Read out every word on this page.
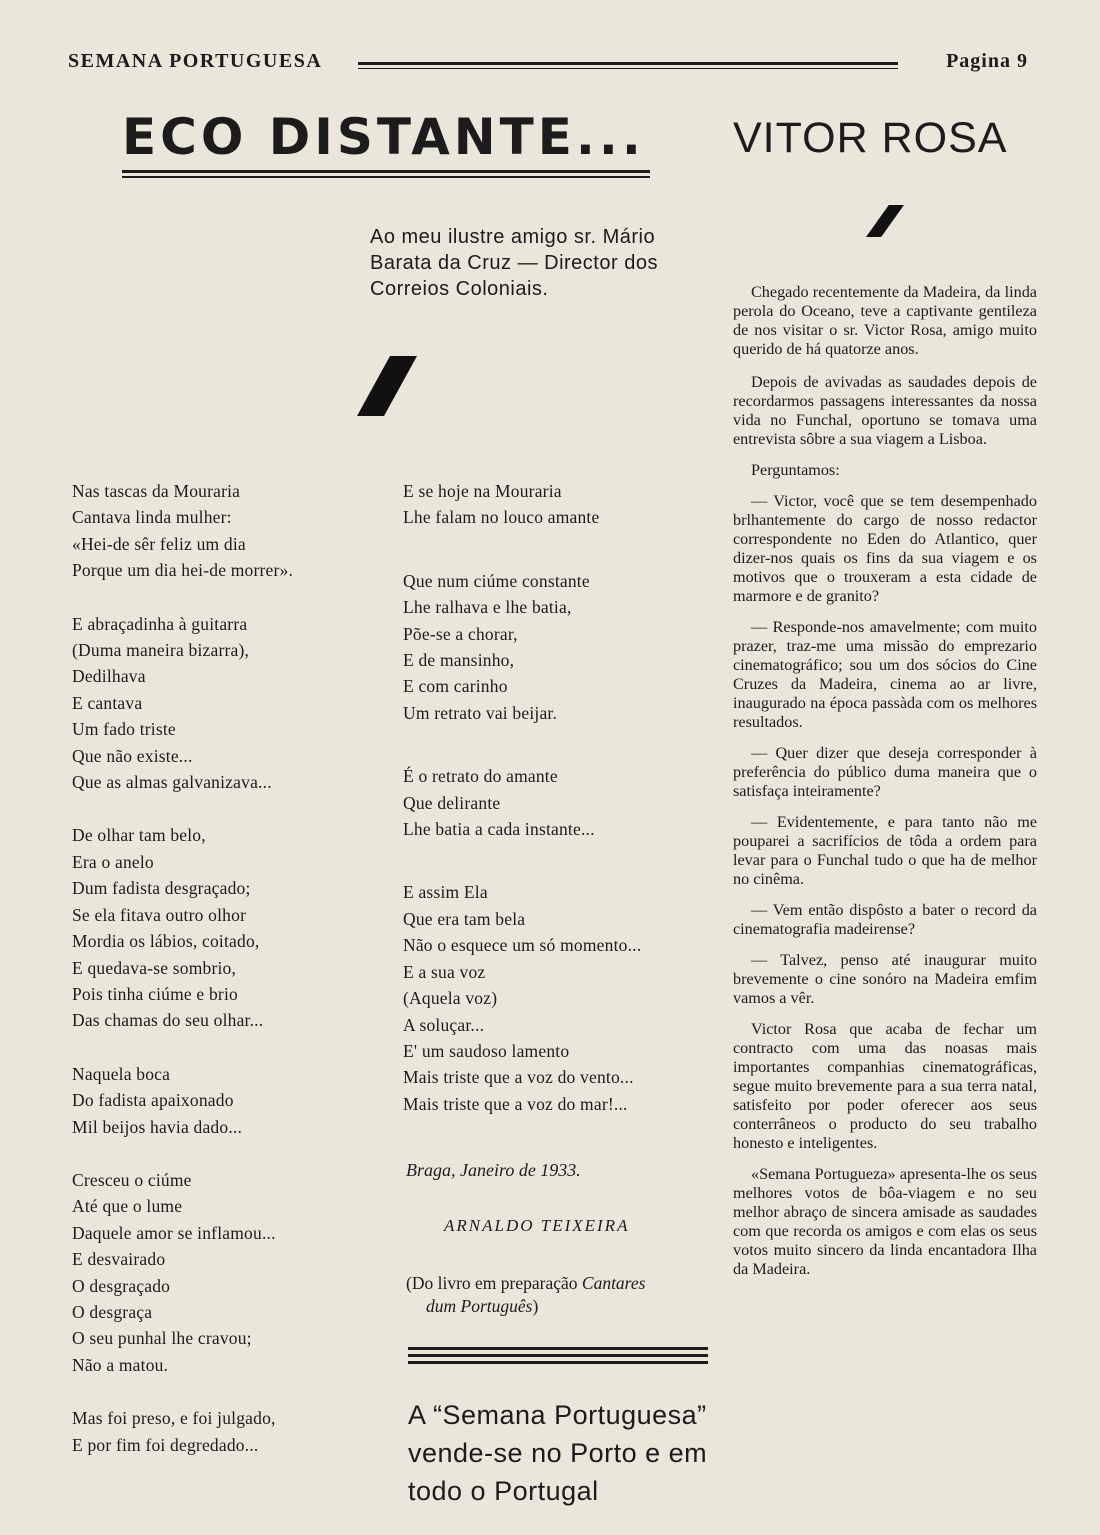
SEMANA PORTUGUESA	Pagina 9
ECO DISTANTE... VITOR ROSA
Ao meu ilustre amigo sr. Mário Barata da Cruz — Director dos Correios Coloniais.
Nas tascas da Mouraria
Cantava linda mulher:
«Hei-de sêr feliz um dia
Porque um dia hei-de morrer».
E abraçadinha à guitarra
(Duma maneira bizarra),
Dedilhava
E cantava
Um fado triste
Que não existe...
Que as almas galvanizava...
De olhar tam belo,
Era o anelo
Dum fadista desgraçado;
Se ela fitava outro olhor
Mordia os lábios, coitado,
E quedava-se sombrio,
Pois tinha ciúme e brio
Das chamas do seu olhar...
Naquela boca
Do fadista apaixonado
Mil beijos havia dado...
Cresceu o ciúme
Até que o lume
Daquele amor se inflamou...
E desvairado
O desgraçado
O desgraça
O seu punhal lhe cravou;
Não a matou.
Mas foi preso, e foi julgado,
E por fim foi degredado...
E se hoje na Mouraria
Lhe falam no louco amante
Que num ciúme constante
Lhe ralhava e lhe batia,
Põe-se a chorar,
E de mansinho,
E com carinho
Um retrato vai beijar.
É o retrato do amante
Que delirante
Lhe batia a cada instante...
E assim Ela
Que era tam bela
Não o esquece um só momento...
E a sua voz
(Aquela voz)
A soluçar...
E' um saudoso lamento
Mais triste que a voz do vento...
Mais triste que a voz do mar!...
Braga, Janeiro de 1933.
ARNALDO TEIXEIRA
(Do livro em preparação Cantares
dum Português)
A “Semana Portuguesa” vende-se no Porto e em todo o Portugal

Chegado recentemente da Madeira, da linda perola do Oceano, teve a captivante gentileza de nos visitar o sr. Victor Rosa, amigo muito querido de há quatorze anos.

Depois de avivadas as saudades depois de recordarmos passagens interessantes da nossa vida no Funchal, oportuno se tomava uma entrevista sôbre a sua viagem a Lisboa.

Perguntamos:

— Victor, você que se tem desempenhado brlhantemente do cargo de nosso redactor correspondente no Eden do Atlantico, quer dizer-nos quais os fins da sua viagem e os motivos que o trouxeram a esta cidade de marmore e de granito?

— Responde-nos amavelmente; com muito prazer, traz-me uma missão do emprezario cinematográfico; sou um dos sócios do Cine Cruzes da Madeira, cinema ao ar livre, inaugurado na época passàda com os melhores resultados.

— Quer dizer que deseja corresponder à preferência do público duma maneira que o satisfaça inteiramente?

— Evidentemente, e para tanto não me pouparei a sacrifícios de tôda a ordem para levar para o Funchal tudo o que ha de melhor no cinêma.

— Vem então dispôsto a bater o record da cinematografia madeirense?

— Talvez, penso até inaugurar muito brevemente o cine sonóro na Madeira emfim vamos a vêr.

Victor Rosa que acaba de fechar um contracto com uma das noasas mais importantes companhias cinematográficas, segue muito brevemente para a sua terra natal, satisfeito por poder oferecer aos seus conterrâneos o producto do seu trabalho honesto e inteligentes.

«Semana Portugueza» apresenta-lhe os seus melhores votos de bôa-viagem e no seu melhor abraço de sincera amisade as saudades com que recorda os amigos e com elas os seus votos muito sincero da linda encantadora Ilha da Madeira.
